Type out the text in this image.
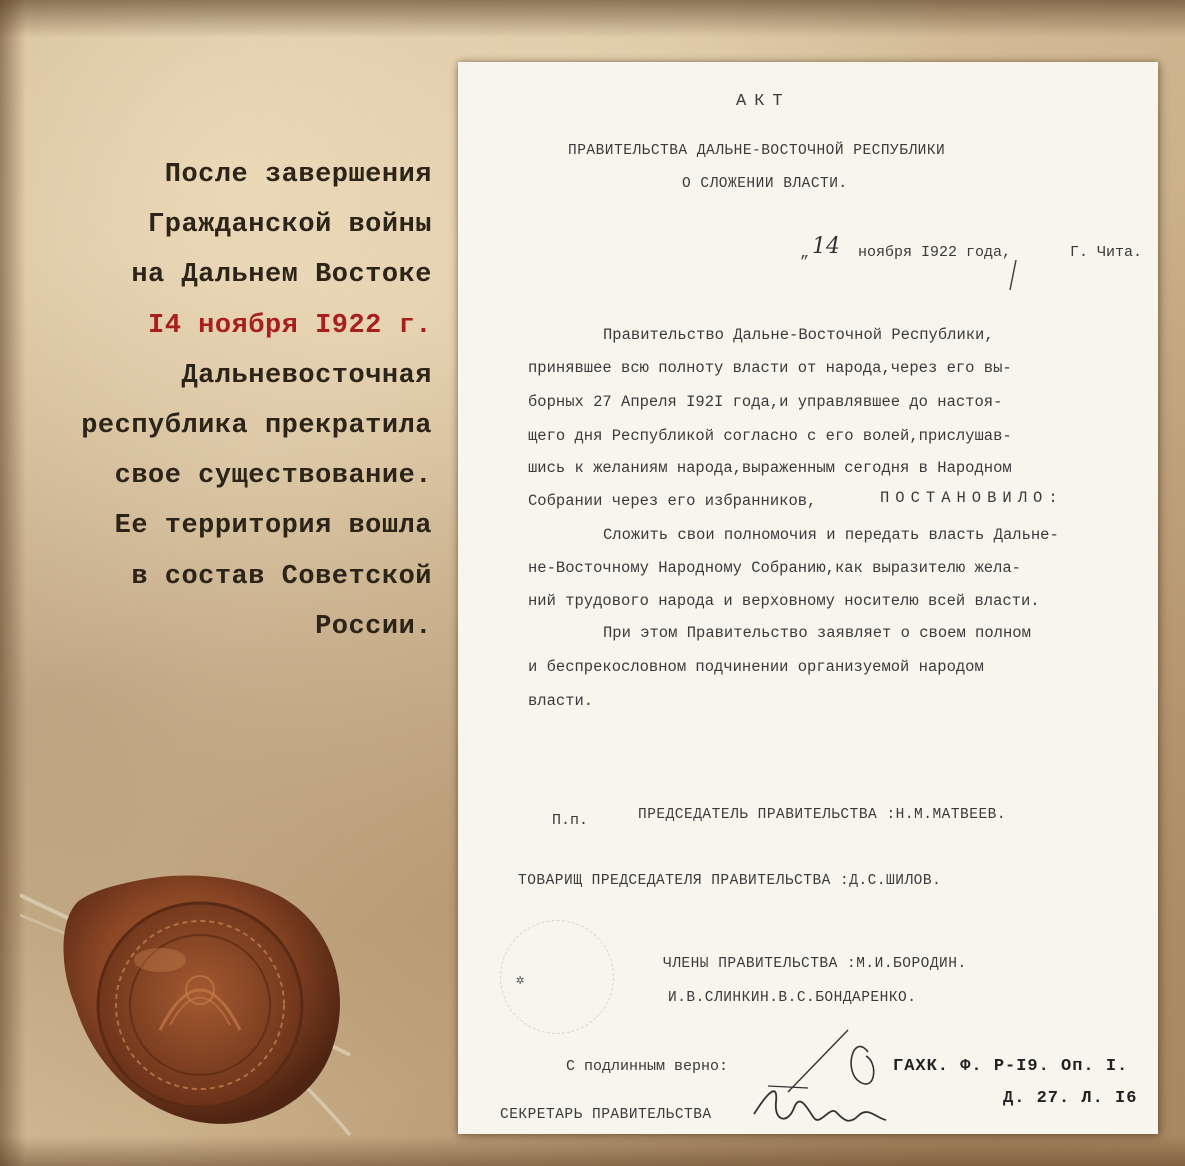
После завершения
Гражданской войны
на Дальнем Востоке
I4 ноября I922 г.
Дальневосточная
республика прекратила
свое существование.
Ее территория вошла
в состав Советской
России.
АКТ
ПРАВИТЕЛЬСТВА ДАЛЬНЕ-ВОСТОЧНОЙ РЕСПУБЛИКИ
О СЛОЖЕНИИ ВЛАСТИ.
„ 14 ноября I922 года,	Г. Чита.
Правительство Дальне-Восточной Республики,
принявшее всю полноту власти от народа,через его вы-
борных 27 Апреля I92I года,и управлявшее до настоя-
щего дня Республикой согласно с его волей,прислушав-
шись к желаниям народа,выраженным сегодня в Народном
Собрании через его избранников,	ПОСТАНОВИЛО:
Сложить свои полномочия и передать власть Дальне-
не-Восточному Народному Собранию,как выразителю жела-
ний трудового народа и верховному носителю всей власти.
При этом Правительство заявляет о своем полном
и беспрекословном подчинении организуемой народом
власти.
П.п.	ПРЕДСЕДАТЕЛЬ ПРАВИТЕЛЬСТВА :Н.М.МАТВЕЕВ.
ТОВАРИЩ ПРЕДСЕДАТЕЛЯ ПРАВИТЕЛЬСТВА :Д.С.ШИЛОВ.
✲
ЧЛЕНЫ ПРАВИТЕЛЬСТВА :М.И.БОРОДИН.
И.В.СЛИНКИН.В.С.БОНДАРЕНКО.
С подлинным верно:
СЕКРЕТАРЬ ПРАВИТЕЛЬСТВА
ГАХК. Ф. Р-I9. Оп. I.
Д. 27. Л. I6
